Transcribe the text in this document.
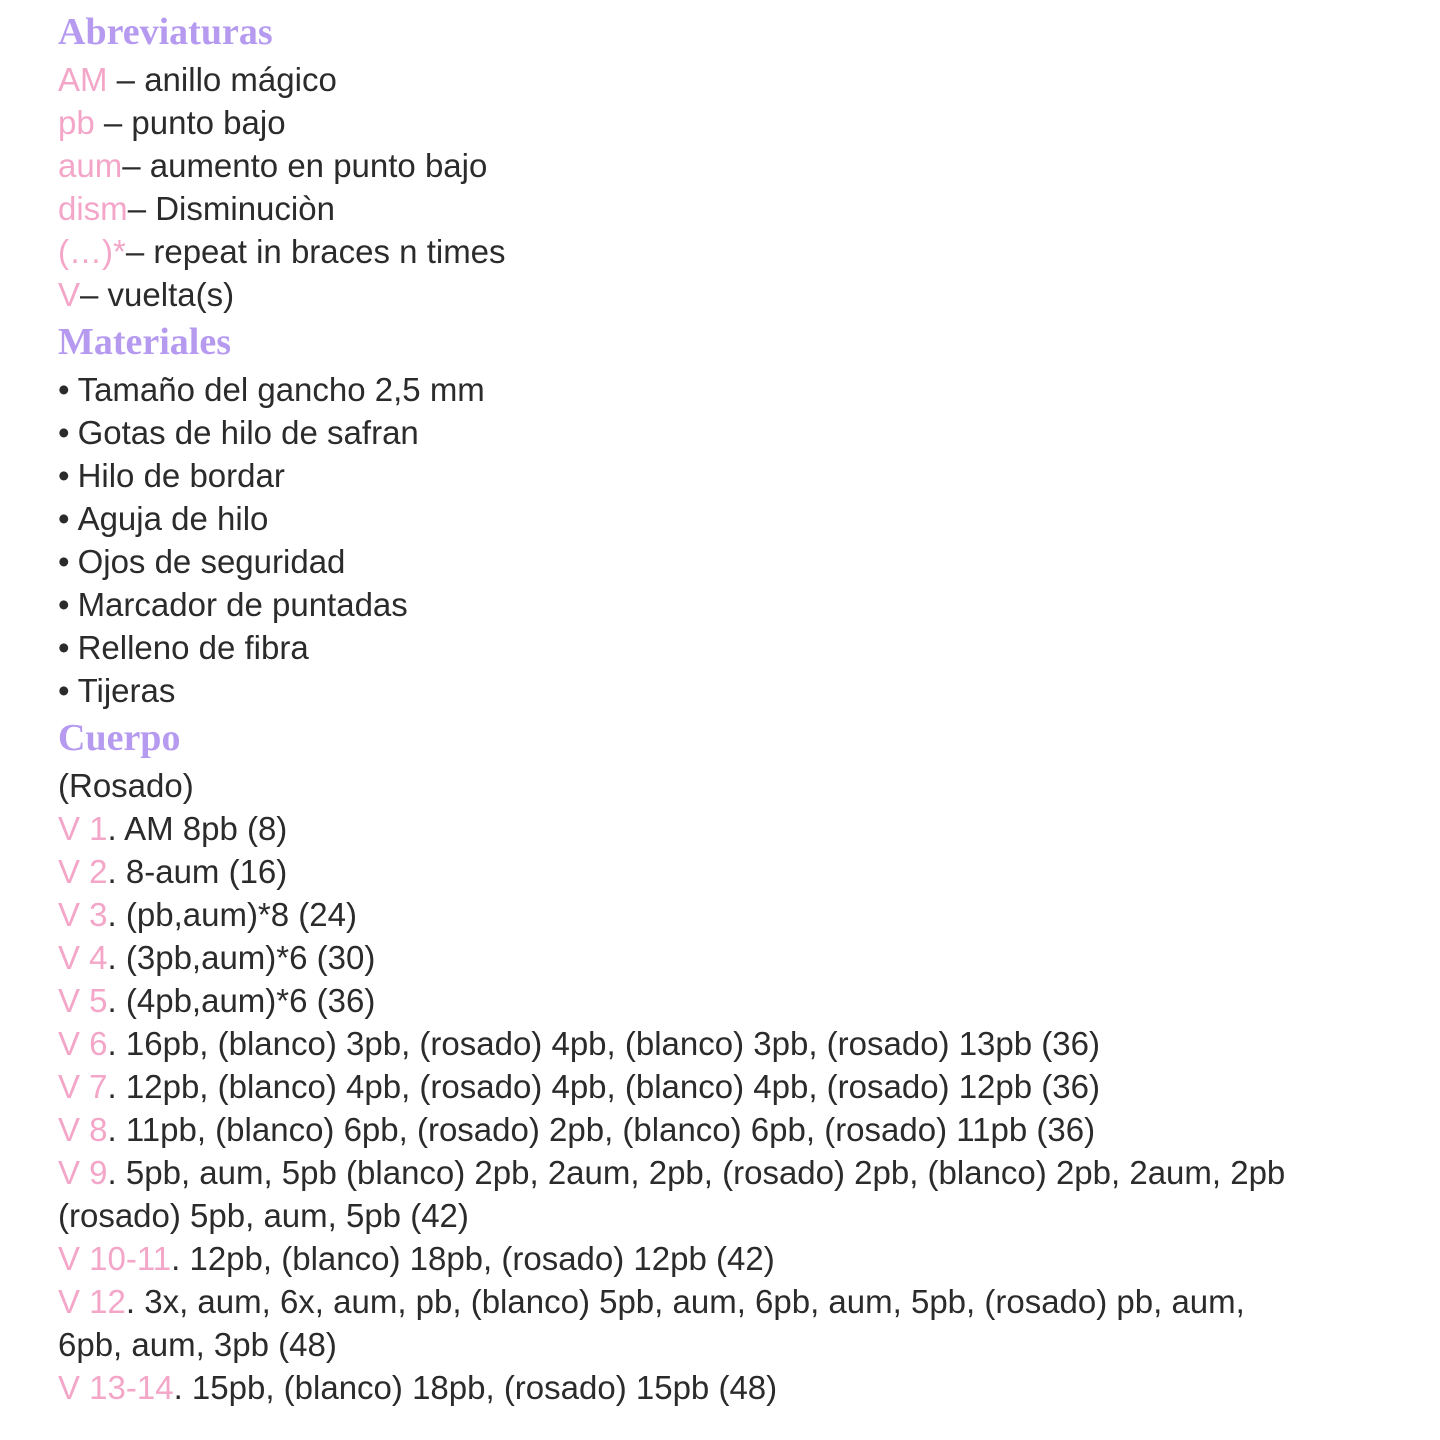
Abreviaturas
AM – anillo mágico
pb – punto bajo
aum– aumento en punto bajo
dism– Disminuciòn
(…)*– repeat in braces n times
V– vuelta(s)
Materiales
• Tamaño del gancho 2,5 mm
• Gotas de hilo de safran
• Hilo de bordar
• Aguja de hilo
• Ojos de seguridad
• Marcador de puntadas
• Relleno de fibra
• Tijeras
Cuerpo
(Rosado)
V 1. AM 8pb (8)
V 2. 8-aum (16)
V 3. (pb,aum)*8 (24)
V 4. (3pb,aum)*6 (30)
V 5. (4pb,aum)*6 (36)
V 6. 16pb, (blanco) 3pb, (rosado) 4pb, (blanco) 3pb, (rosado) 13pb (36)
V 7. 12pb, (blanco) 4pb, (rosado) 4pb, (blanco) 4pb, (rosado) 12pb (36)
V 8. 11pb, (blanco) 6pb, (rosado) 2pb, (blanco) 6pb, (rosado) 11pb (36)
V 9. 5pb, aum, 5pb (blanco) 2pb, 2aum, 2pb, (rosado) 2pb, (blanco) 2pb, 2aum, 2pb
(rosado) 5pb, aum, 5pb (42)
V 10-11. 12pb, (blanco) 18pb, (rosado) 12pb (42)
V 12. 3x, aum, 6x, aum, pb, (blanco) 5pb, aum, 6pb, aum, 5pb, (rosado) pb, aum,
6pb, aum, 3pb (48)
V 13-14. 15pb, (blanco) 18pb, (rosado) 15pb (48)
